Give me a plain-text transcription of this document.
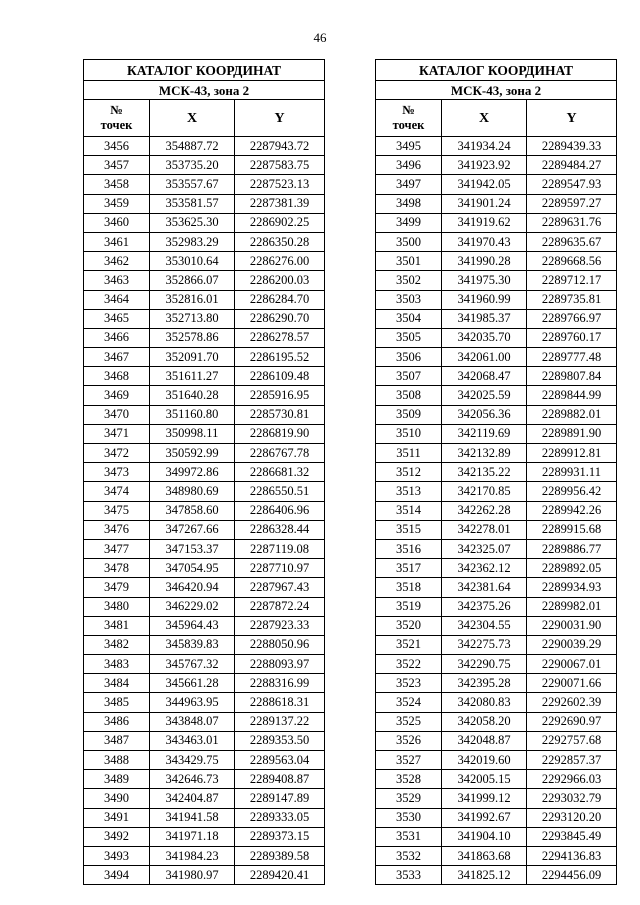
46
КАТАЛОГ КООРДИНАТ		
МСК-43, зона 2		

№
точек	X	Y
3456	354887.72	2287943.72
3457	353735.20	2287583.75
3458	353557.67	2287523.13
3459	353581.57	2287381.39
3460	353625.30	2286902.25
3461	352983.29	2286350.28
3462	353010.64	2286276.00
3463	352866.07	2286200.03
3464	352816.01	2286284.70
3465	352713.80	2286290.70
3466	352578.86	2286278.57
3467	352091.70	2286195.52
3468	351611.27	2286109.48
3469	351640.28	2285916.95
3470	351160.80	2285730.81
3471	350998.11	2286819.90
3472	350592.99	2286767.78
3473	349972.86	2286681.32
3474	348980.69	2286550.51
3475	347858.60	2286406.96
3476	347267.66	2286328.44
3477	347153.37	2287119.08
3478	347054.95	2287710.97
3479	346420.94	2287967.43
3480	346229.02	2287872.24
3481	345964.43	2287923.33
3482	345839.83	2288050.96
3483	345767.32	2288093.97
3484	345661.28	2288316.99
3485	344963.95	2288618.31
3486	343848.07	2289137.22
3487	343463.01	2289353.50
3488	343429.75	2289563.04
3489	342646.73	2289408.87
3490	342404.87	2289147.89
3491	341941.58	2289333.05
3492	341971.18	2289373.15
3493	341984.23	2289389.58
3494	341980.97	2289420.41
КАТАЛОГ КООРДИНАТ		
МСК-43, зона 2		

№
точек	X	Y
3495	341934.24	2289439.33
3496	341923.92	2289484.27
3497	341942.05	2289547.93
3498	341901.24	2289597.27
3499	341919.62	2289631.76
3500	341970.43	2289635.67
3501	341990.28	2289668.56
3502	341975.30	2289712.17
3503	341960.99	2289735.81
3504	341985.37	2289766.97
3505	342035.70	2289760.17
3506	342061.00	2289777.48
3507	342068.47	2289807.84
3508	342025.59	2289844.99
3509	342056.36	2289882.01
3510	342119.69	2289891.90
3511	342132.89	2289912.81
3512	342135.22	2289931.11
3513	342170.85	2289956.42
3514	342262.28	2289942.26
3515	342278.01	2289915.68
3516	342325.07	2289886.77
3517	342362.12	2289892.05
3518	342381.64	2289934.93
3519	342375.26	2289982.01
3520	342304.55	2290031.90
3521	342275.73	2290039.29
3522	342290.75	2290067.01
3523	342395.28	2290071.66
3524	342080.83	2292602.39
3525	342058.20	2292690.97
3526	342048.87	2292757.68
3527	342019.60	2292857.37
3528	342005.15	2292966.03
3529	341999.12	2293032.79
3530	341992.67	2293120.20
3531	341904.10	2293845.49
3532	341863.68	2294136.83
3533	341825.12	2294456.09
